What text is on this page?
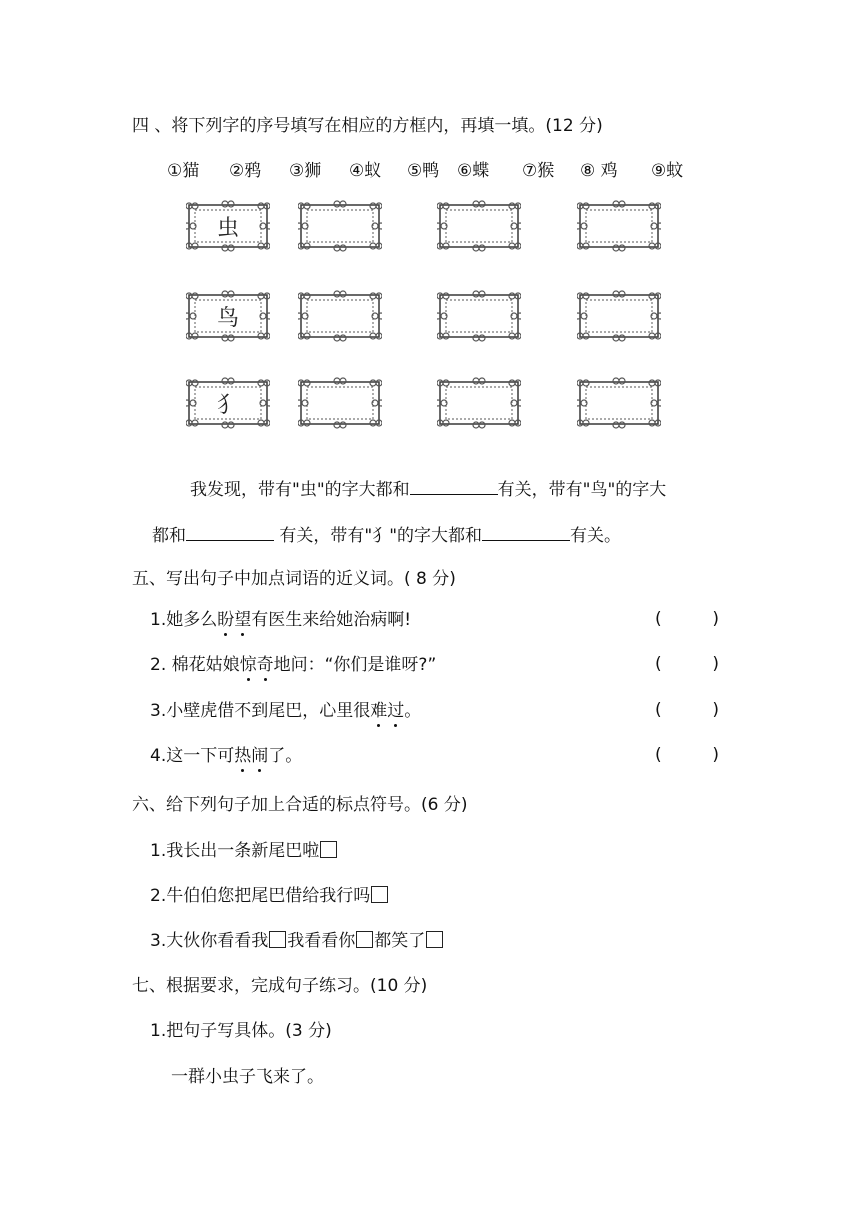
四 、将下列字的序号填写在相应的方框内，再填一填。(12 分)
①猫 ②鸦 ③狮 ④蚁 ⑤鸭 ⑥蝶 ⑦猴 ⑧ 鸡 ⑨蚊
虫
鸟
犭
我发现，带有"虫"的字大都和	有关，带有"鸟"的字大
都和	有关，带有"犭"的字大都和	有关。
五、写出句子中加点词语的近义词。( 8 分)
1.她多么盼望有医生来给她治病啊!	(	)
2. 棉花姑娘惊奇地问：“你们是谁呀?”	(	)
3.小壁虎借不到尾巴，心里很难过。	(	)
4.这一下可热闹了。	(	)
六、给下列句子加上合适的标点符号。(6 分)
1.我长出一条新尾巴啦
2.牛伯伯您把尾巴借给我行吗
3.大伙你看看我 我看看你 都笑了
七、根据要求，完成句子练习。(10 分)
1.把句子写具体。(3 分)
一群小虫子飞来了。
